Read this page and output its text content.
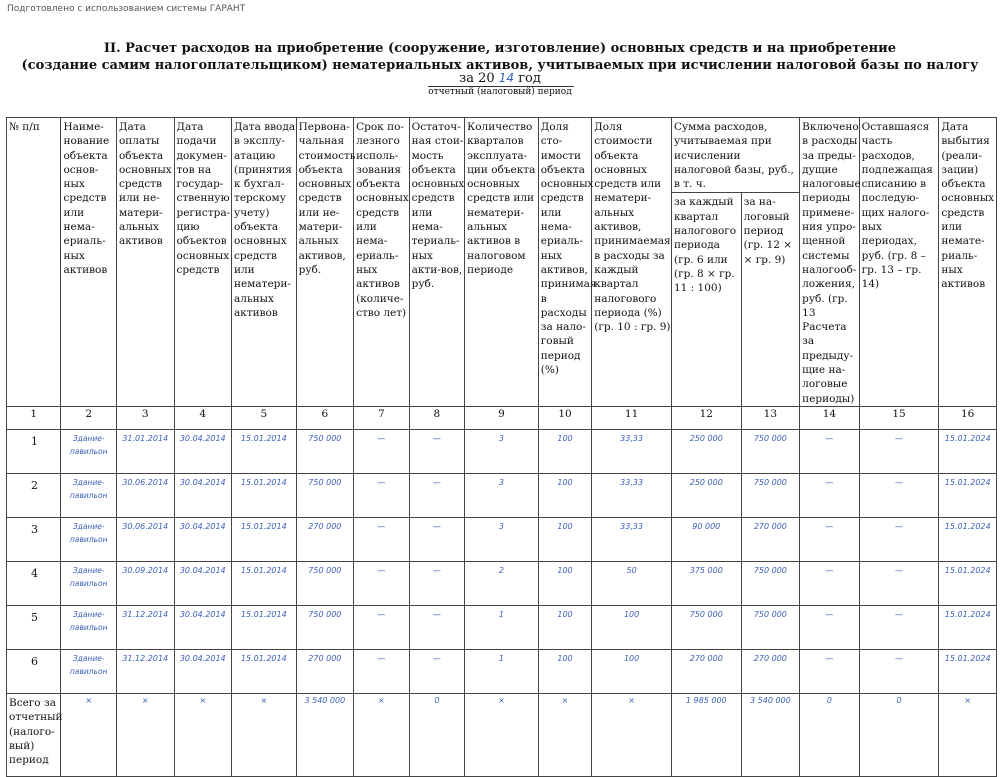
Подготовлено с использованием системы ГАРАНТ
II. Расчет расходов на приобретение (сооружение, изготовление) основных средств и на приобретение
(создание самим налогоплательщиком) нематериальных активов, учитываемых при исчислении налоговой базы по налогу
за 20 14 год
отчетный (налоговый) период
№ п/п	Наиме-нование объекта основ-ных средств или нема-ериаль-ных активов	Дата оплаты объекта основных средств или не-матери-альных активов	Дата подачи докумен-тов на государ-ственную регистра-цию объектов основных средств	Дата ввода в эксплу-атацию (принятия к бухгал-терскому учету) объекта основных средств или нематери-альных активов	Первона-чальная стоимость объекта основных средств или не-матери-альных активов, руб.	Срок по-лезного исполь-зования объекта основных средств или нема-ериаль-ных активов (количе-ство лет)	Остаточ-ная стои-мость объекта основных средств или нема-териаль-ных акти-вов, руб.	Количество кварталов эксплуата-ции объекта основных средств или нематери-альных активов в налоговом периоде	Доля сто-имости объекта основных средств или нема-ериаль-ных активов, принимая в расходы за нало-говый период (%)	Доля стоимости объекта основных средств или нематери-альных активов, принимаемая в расходы за каждый квартал налогового периода (%) (гр. 10 : гр. 9)	Сумма расходов, учитываемая при исчислении налоговой базы, руб., в т. ч.		Включено в расходы за преды-дущие налоговые периоды примене-ния упро-щенной системы налогооб-ложения, руб. (гр. 13 Расчета за предыду-щие на-логовые периоды)	Оставшаяся часть расходов, подлежащая списанию в последую-щих налого-вых периодах, руб. (гр. 8 – гр. 13 – гр. 14)	Дата выбытия (реали-зации) объекта основных средств или немате-риаль-ных активов
											за каждый квартал налогового периода (гр. 6 или (гр. 8 × гр. 11 : 100)	за на-логовый период (гр. 12 × × гр. 9)			
1	2	3	4	5	6	7	8	9	10	11	12	13	14	15	16
1	Здание-павильон	31.01.2014	30.04.2014	15.01.2014	750 000	—	—	3	100	33,33	250 000	750 000	—	—	15.01.2024

2	Здание-павильон	30.06.2014	30.04.2014	15.01.2014	750 000	—	—	3	100	33,33	250 000	750 000	—	—	15.01.2024

3	Здание-павильон	30.06.2014	30.04.2014	15.01.2014	270 000	—	—	3	100	33,33	90 000	270 000	—	—	15.01.2024

4	Здание-павильон	30.09.2014	30.04.2014	15.01.2014	750 000	—	—	2	100	50	375 000	750 000	—	—	15.01.2024

5	Здание-павильон	31.12.2014	30.04.2014	15.01.2014	750 000	—	—	1	100	100	750 000	750 000	—	—	15.01.2024

6	Здание-павильон	31.12.2014	30.04.2014	15.01.2014	270 000	—	—	1	100	100	270 000	270 000	—	—	15.01.2024

Всего за отчетный (налого-вый) период	×	×	×	×	3 540 000	×	0	×	×	×	1 985 000	3 540 000	0	0	×
